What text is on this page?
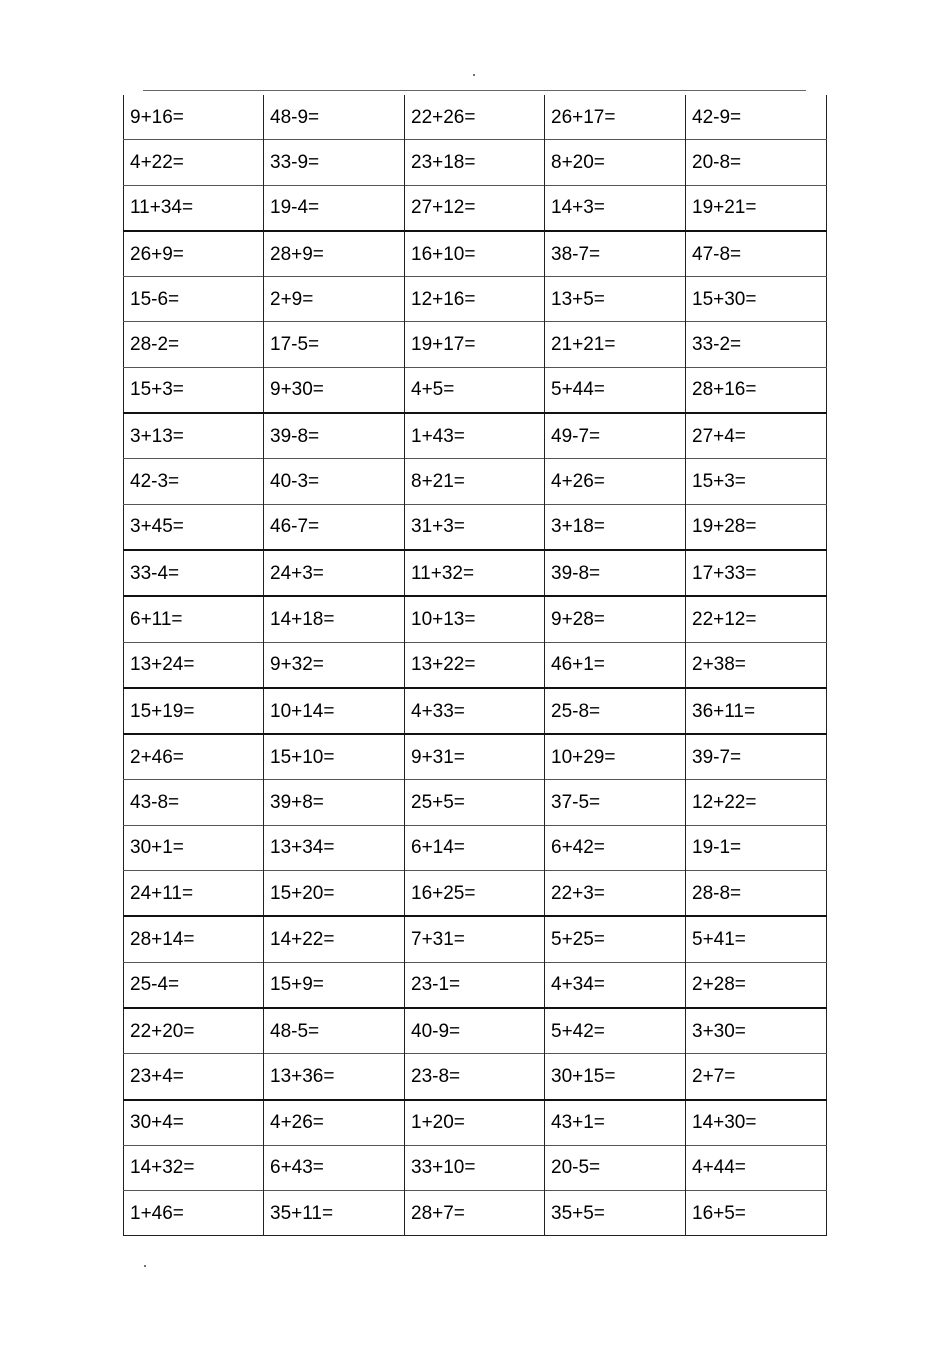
9+16=	48-9=	22+26=	26+17=	42-9=
4+22=	33-9=	23+18=	8+20=	20-8=
11+34=	19-4=	27+12=	14+3=	19+21=
26+9=	28+9=	16+10=	38-7=	47-8=
15-6=	2+9=	12+16=	13+5=	15+30=
28-2=	17-5=	19+17=	21+21=	33-2=
15+3=	9+30=	4+5=	5+44=	28+16=
3+13=	39-8=	1+43=	49-7=	27+4=
42-3=	40-3=	8+21=	4+26=	15+3=
3+45=	46-7=	31+3=	3+18=	19+28=
33-4=	24+3=	11+32=	39-8=	17+33=
6+11=	14+18=	10+13=	9+28=	22+12=
13+24=	9+32=	13+22=	46+1=	2+38=
15+19=	10+14=	4+33=	25-8=	36+11=
2+46=	15+10=	9+31=	10+29=	39-7=
43-8=	39+8=	25+5=	37-5=	12+22=
30+1=	13+34=	6+14=	6+42=	19-1=
24+11=	15+20=	16+25=	22+3=	28-8=
28+14=	14+22=	7+31=	5+25=	5+41=
25-4=	15+9=	23-1=	4+34=	2+28=
22+20=	48-5=	40-9=	5+42=	3+30=
23+4=	13+36=	23-8=	30+15=	2+7=
30+4=	4+26=	1+20=	43+1=	14+30=
14+32=	6+43=	33+10=	20-5=	4+44=
1+46=	35+11=	28+7=	35+5=	16+5=
